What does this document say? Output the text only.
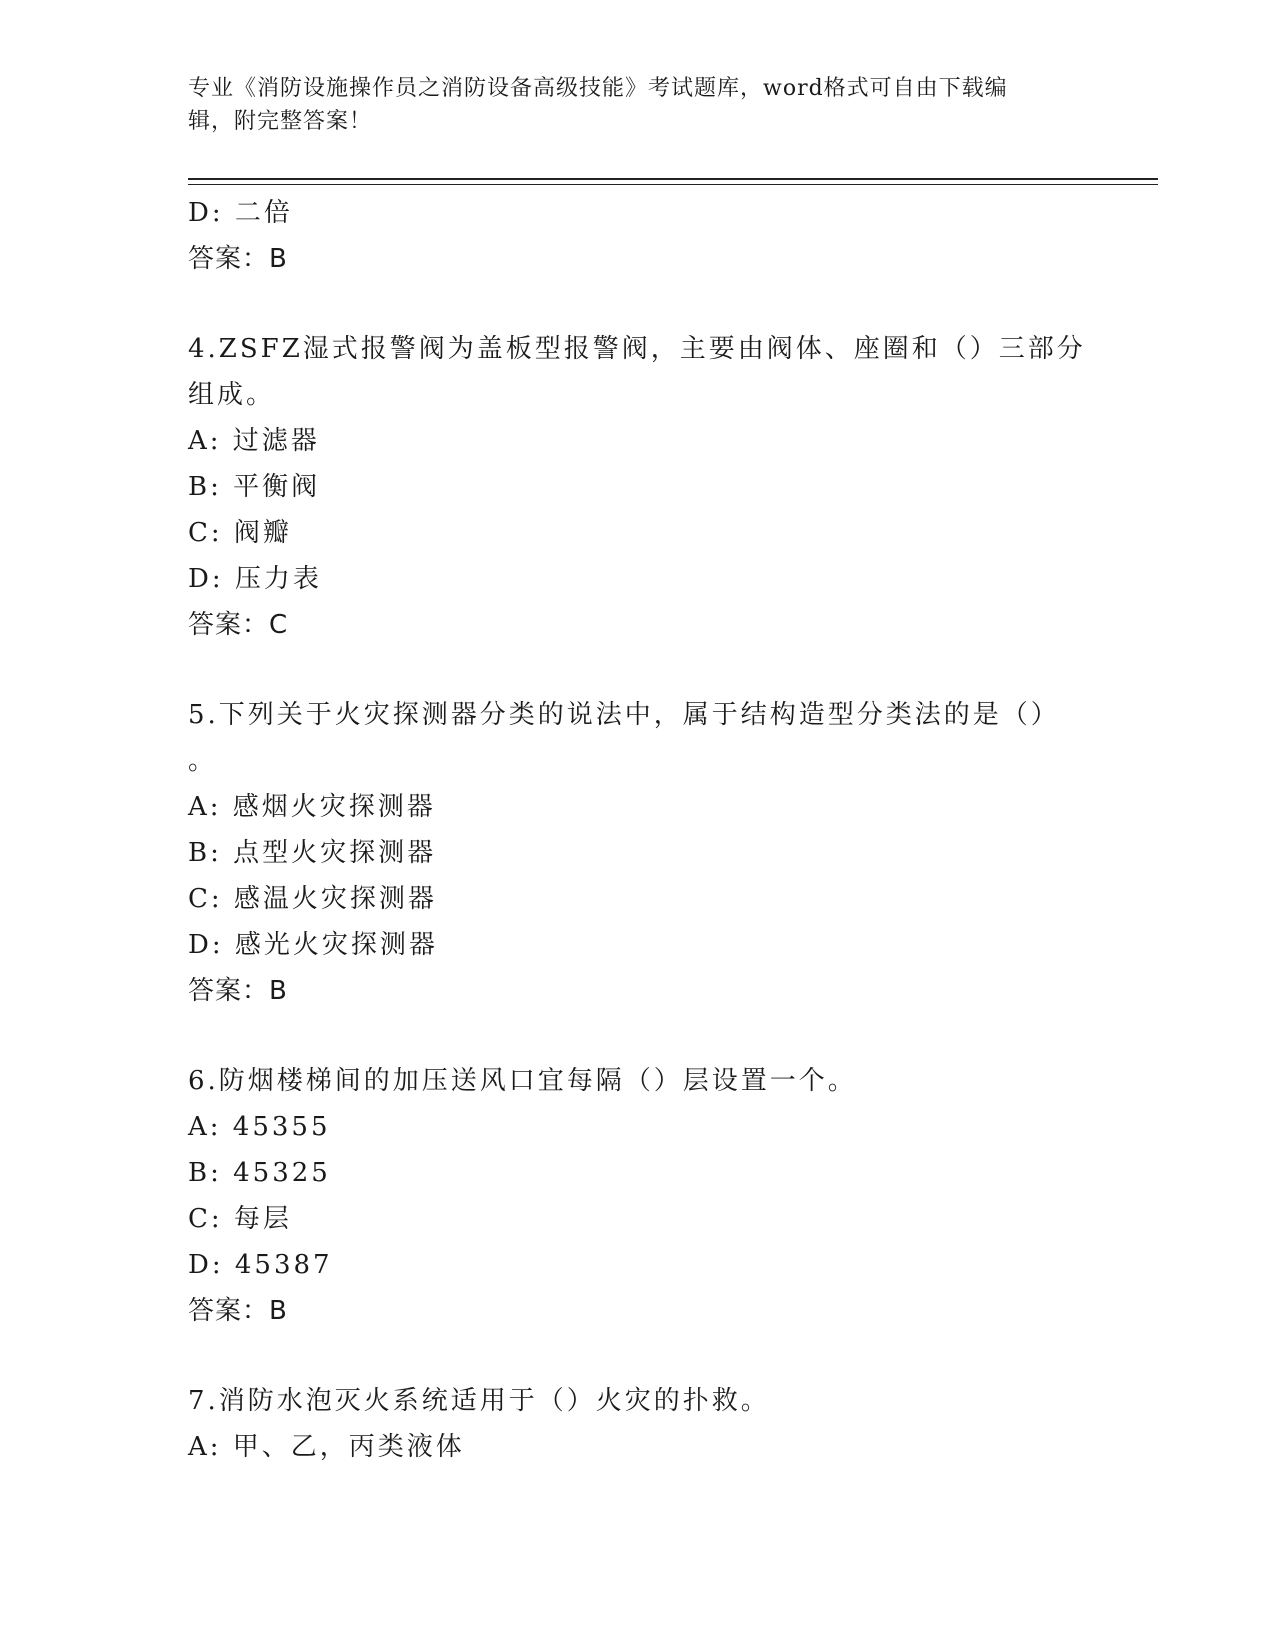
专业《消防设施操作员之消防设备高级技能》考试题库，word格式可自由下载编
辑，附完整答案！
D: 二倍
答案：B
4.ZSFZ湿式报警阀为盖板型报警阀，主要由阀体、座圈和（）三部分
组成。
A: 过滤器
B: 平衡阀
C: 阀瓣
D: 压力表
答案：C
5.下列关于火灾探测器分类的说法中，属于结构造型分类法的是（）
。
A: 感烟火灾探测器
B: 点型火灾探测器
C: 感温火灾探测器
D: 感光火灾探测器
答案：B
6.防烟楼梯间的加压送风口宜每隔（）层设置一个。
A: 45355
B: 45325
C: 每层
D: 45387
答案：B
7.消防水泡灭火系统适用于（）火灾的扑救。
A: 甲、乙，丙类液体
